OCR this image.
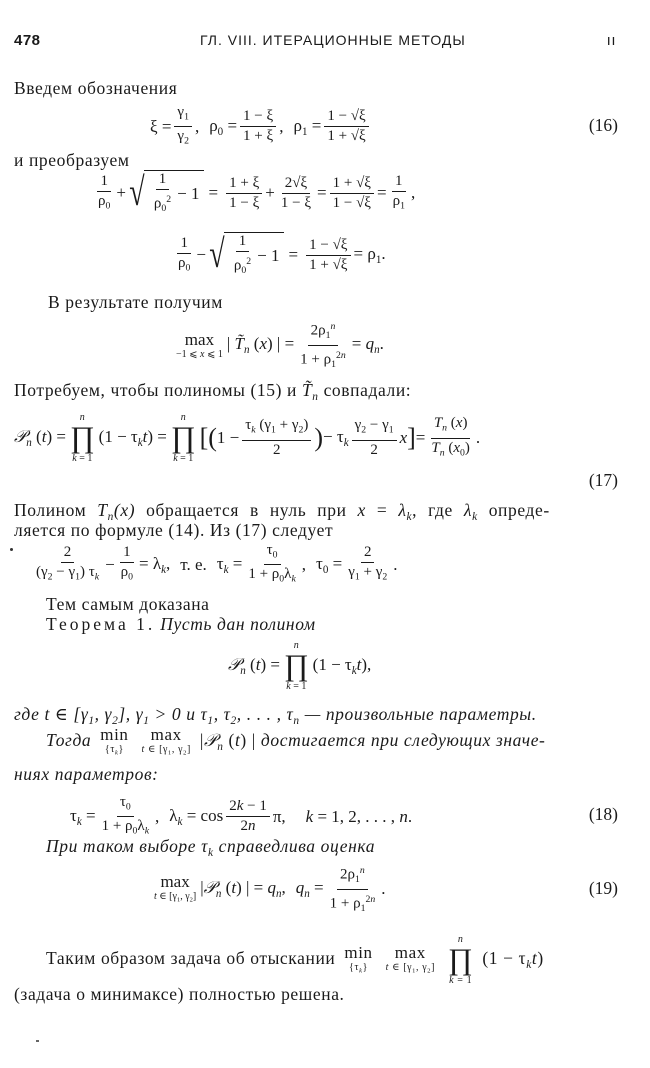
478	ГЛ. VIII. ИТЕРАЦИОННЫЕ МЕТОДЫ	ıı
Введем обозначения
$\xi = \frac{\gamma_1}{\gamma_2}$ , $\rho_0 = \frac{1 - \xi}{1 + \xi}$ , $\rho_1 = \frac{1 - √\xi}{1 + √\xi}$	(16)
и преобразуем
1
$\rho_0$
+ √ 1
$\rho_0^2 - 1 = \frac{1 + \xi}{1 - \xi} + \frac{2√\xi}{1 - \xi} = \frac{1 + √\xi}{1 - √\xi} = \frac{1}{\rho_1}$ ,
1
$\rho_0$
− √ 1
$\rho_0^2 - 1 = \frac{1 - √\xi}{1 + √\xi} = \rho_1$.
В результате получим
max
−1 ⩽ x ⩽ 1
| $T̃_n$ (x) | = $\frac{2\rho_1^n}{1 + \rho_1^{2n}} = q_n$.
Потребуем, чтобы полиномы (15) и $T̃_n$ совпадали:
𝒫$_n$ (t) =
n
∏
k = 1
$(1 - \tau_kt)$ =
n
∏
k = 1
[( $1 - \frac{\tau_k (\gamma_1 + \gamma_2)}{2}$ ) − $\tau_k$
$\gamma_2 - \gamma_1$
2
x ] = $\frac{T_n (x)}{T_n (x_0)}$ .
(17)
Полином $T_n(x)$ обращается в нуль при $x = \lambda_k$, где $\lambda_k$ опреде-
ляется по формуле (14). Из (17) следует
2
$(\gamma_2 - \gamma_1)$ $\tau_k$
− $\frac{1}{\rho_0} = \lambda_k$, т. е. $\tau_k = \frac{\tau_0}{1 + \rho_0\lambda_k}$ , $\tau_0 = \frac{2}{\gamma_1 + \gamma_2}$ .
Тем самым доказана
Теорема 1. Пусть дан полином
𝒫$_n$ (t) =
n
∏
k = 1
$(1 - \tau_kt)$,
где t ∈ [$\gamma_1$, $\gamma_2$], $\gamma_1 > 0$ и $\tau_1$, $\tau_2$, . . . , $\tau_n$ — произвольные параметры.
Тогда min
$\{\tau_k\}$

max
t ∈ [$\gamma_1$, $\gamma_2$] |𝒫$_n$ (t) | достигается при следующих значе-
ниях параметров:
$\tau_k = \frac{\tau_0}{1 + \rho_0\lambda_k}$ , $\lambda_k = \cos 2k - 1$
2n
π, k = 1, 2, . . . , n.	(18)
При таком выборе $\tau_k$ справедлива оценка
max
t ∈ [$\gamma_1$, $\gamma_2$] |𝒫$_n$ (t) | = $q_n$, $q_n = \frac{2\rho_1^n}{1 + \rho_1^{2n}}$ .	(19)
Таким образом задача об отыскании min
$\{\tau_k\}$

max
t ∈ [$\gamma_1$, $\gamma_2$]

n
∏
k = 1
$(1 - \tau_kt)$
(задача о минимаксе) полностью решена.
